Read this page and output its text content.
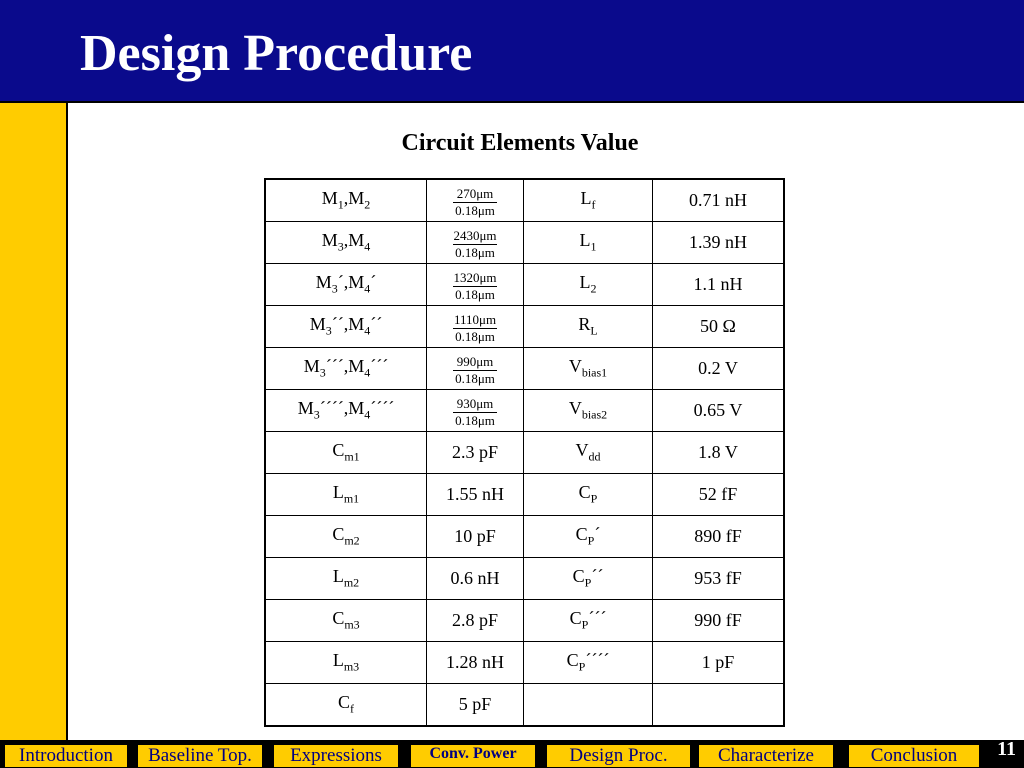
Design Procedure
Circuit Elements Value
$M_1,M_2$	$\frac{270\mu m}{0.18\mu m}$	$L_f$	0.71 nH
$M_3,M_4$	$\frac{2430\mu m}{0.18\mu m}$	$L_1$	1.39 nH
$M_3´,M_4´$	$\frac{1320\mu m}{0.18\mu m}$	$L_2$	1.1 nH
$M_3´´,M_4´´$	$\frac{1110\mu m}{0.18\mu m}$	$R_L$	50 Ω
$M_3´´´,M_4´´´$	$\frac{990\mu m}{0.18\mu m}$	$V_{bias1}$	0.2 V
$M_3´´´´,M_4´´´´$	$\frac{930\mu m}{0.18\mu m}$	$V_{bias2}$	0.65 V
$C_{m1}$	2.3 pF	$V_{dd}$	1.8 V
$L_{m1}$	1.55 nH	$C_P$	52 fF
$C_{m2}$	10 pF	$C_P´$	890 fF
$L_{m2}$	0.6 nH	$C_P´´$	953 fF
$C_{m3}$	2.8 pF	$C_P´´´$	990 fF
$L_{m3}$	1.28 nH	$C_P´´´´$	1 pF
$C_f$	5 pF		
Introduction	Baseline Top.	Expressions	Conv. Power	Design Proc.	Characterize	Conclusion	11
